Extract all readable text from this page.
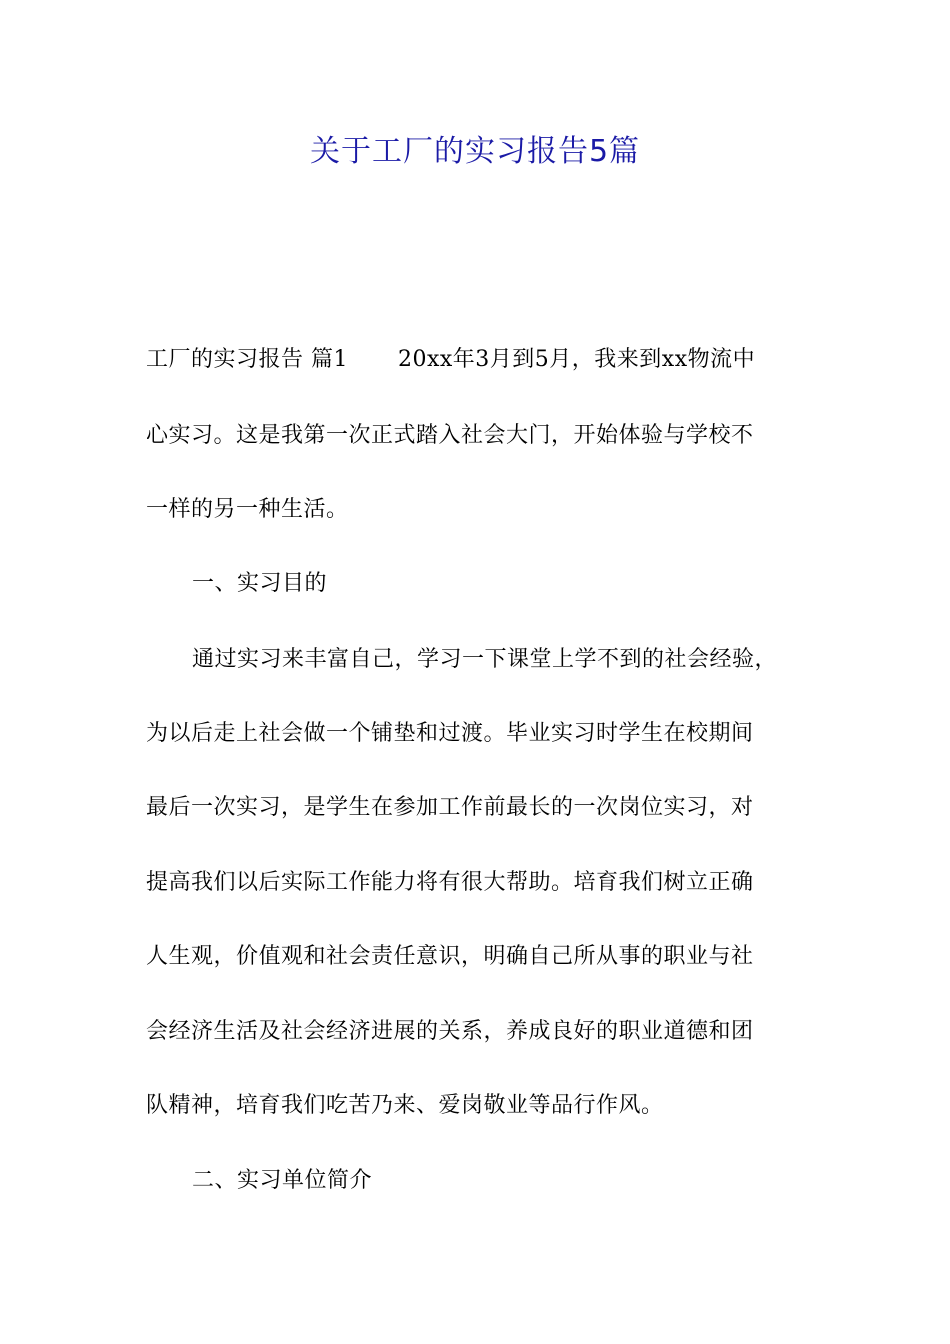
关于工厂的实习报告5篇
工厂的实习报告 篇1 20xx年3月到5月，我来到xx物流中
心实习。这是我第一次正式踏入社会大门，开始体验与学校不
一样的另一种生活。
一、实习目的
通过实习来丰富自己，学习一下课堂上学不到的社会经验，
为以后走上社会做一个铺垫和过渡。毕业实习时学生在校期间
最后一次实习，是学生在参加工作前最长的一次岗位实习，对
提高我们以后实际工作能力将有很大帮助。培育我们树立正确
人生观，价值观和社会责任意识，明确自己所从事的职业与社
会经济生活及社会经济进展的关系，养成良好的职业道德和团
队精神，培育我们吃苦乃来、爱岗敬业等品行作风。
二、实习单位简介
